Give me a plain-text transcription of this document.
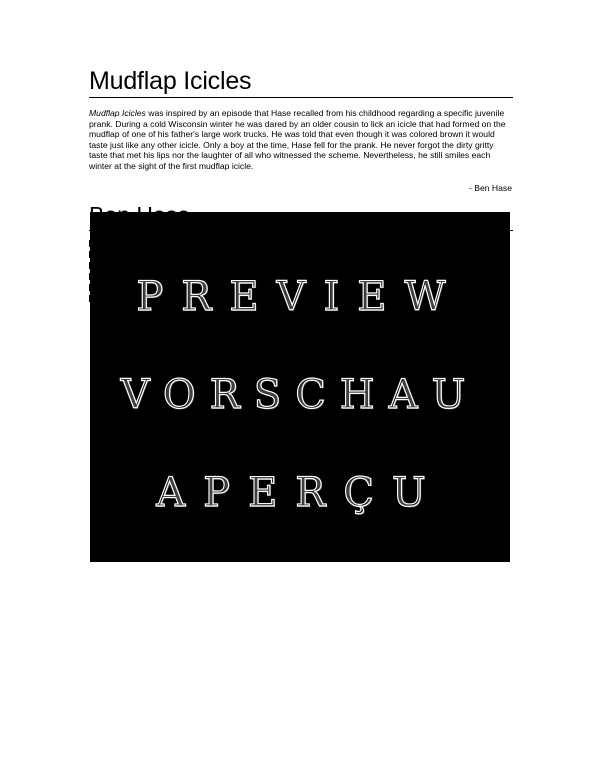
Mudflap Icicles

Mudflap Icicles was inspired by an episode that Hase recalled from his childhood regarding a specific juvenile prank. During a cold Wisconsin winter he was dared by an older cousin to lick an icicle that had formed on the mudflap of one of his father's large work trucks. He was told that even though it was colored brown it would taste just like any other icicle. Only a boy at the time, Hase fell for the prank. He never forgot the dirty gritty taste that met his lips nor the laughter of all who witnessed the scheme. Nevertheless, he still smiles each winter at the sight of the first mudflap icicle.

- Ben Hase
PREVIEW
VORSCHAU
APERÇU
